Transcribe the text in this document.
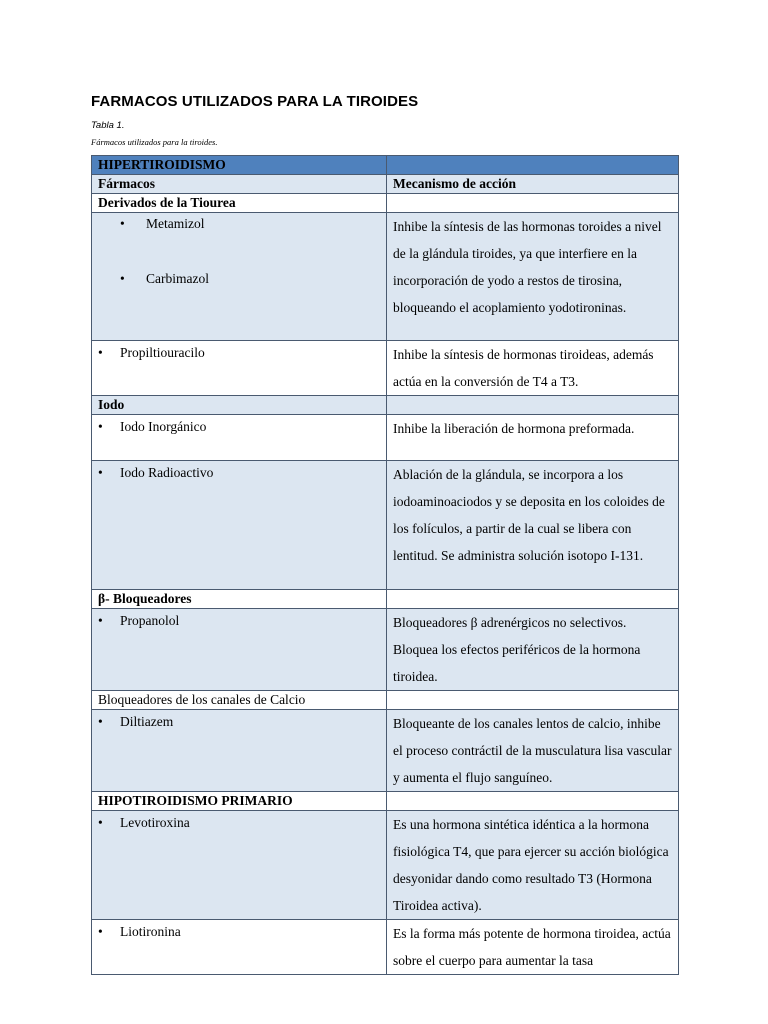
FARMACOS UTILIZADOS PARA LA TIROIDES
Tabla 1.
Fármacos utilizados para la tiroides.
HIPERTIROIDISMO	
Fármacos	Mecanismo de acción
Derivados de la Tiourea	

• Metamizol
• Carbimazol	Inhibe la síntesis de las hormonas toroides a nivel de la glándula tiroides, ya que interfiere en la incorporación de yodo a restos de tirosina, bloqueando el acoplamiento yodotironinas.

• Propiltiouracilo	Inhibe la síntesis de hormonas tiroideas, además actúa en la conversión de T4 a T3.
Iodo	

• Iodo Inorgánico	Inhibe la liberación de hormona preformada.

• Iodo Radioactivo	Ablación de la glándula, se incorpora a los iodoaminoaciodos y se deposita en los coloides de los folículos, a partir de la cual se libera con lentitud. Se administra solución isotopo I-131.
β- Bloqueadores	

• Propanolol	Bloqueadores β adrenérgicos no selectivos. Bloquea los efectos periféricos de la hormona tiroidea.
Bloqueadores de los canales de Calcio	

• Diltiazem	Bloqueante de los canales lentos de calcio, inhibe el proceso contráctil de la musculatura lisa vascular y aumenta el flujo sanguíneo.
HIPOTIROIDISMO PRIMARIO	

• Levotiroxina	Es una hormona sintética idéntica a la hormona fisiológica T4, que para ejercer su acción biológica desyonidar dando como resultado T3 (Hormona Tiroidea activa).

• Liotironina	Es la forma más potente de hormona tiroidea, actúa sobre el cuerpo para aumentar la tasa
